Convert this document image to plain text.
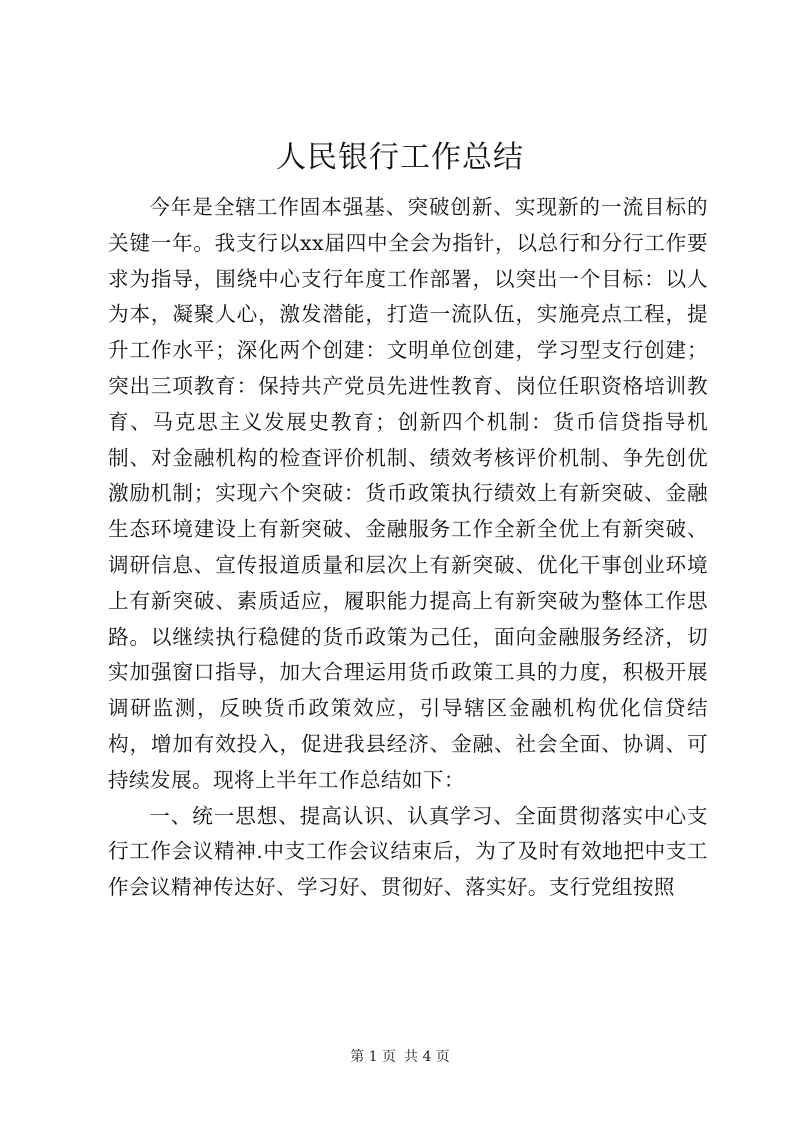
人民银行工作总结

今年是全辖工作固本强基、突破创新、实现新的一流目标的关键一年。我支行以xx届四中全会为指针，以总行和分行工作要求为指导，围绕中心支行年度工作部署，以突出一个目标：以人为本，凝聚人心，激发潜能，打造一流队伍，实施亮点工程，提升工作水平；深化两个创建：文明单位创建，学习型支行创建；突出三项教育：保持共产党员先进性教育、岗位任职资格培训教育、马克思主义发展史教育；创新四个机制：货币信贷指导机制、对金融机构的检查评价机制、绩效考核评价机制、争先创优激励机制；实现六个突破：货币政策执行绩效上有新突破、金融生态环境建设上有新突破、金融服务工作全新全优上有新突破、调研信息、宣传报道质量和层次上有新突破、优化干事创业环境上有新突破、素质适应，履职能力提高上有新突破为整体工作思路。以继续执行稳健的货币政策为己任，面向金融服务经济，切实加强窗口指导，加大合理运用货币政策工具的力度，积极开展调研监测，反映货币政策效应，引导辖区金融机构优化信贷结构，增加有效投入，促进我县经济、金融、社会全面、协调、可持续发展。现将上半年工作总结如下：

一、统一思想、提高认识、认真学习、全面贯彻落实中心支行工作会议精神.中支工作会议结束后，为了及时有效地把中支工作会议精神传达好、学习好、贯彻好、落实好。支行党组按照

第 1 页 共 4 页
